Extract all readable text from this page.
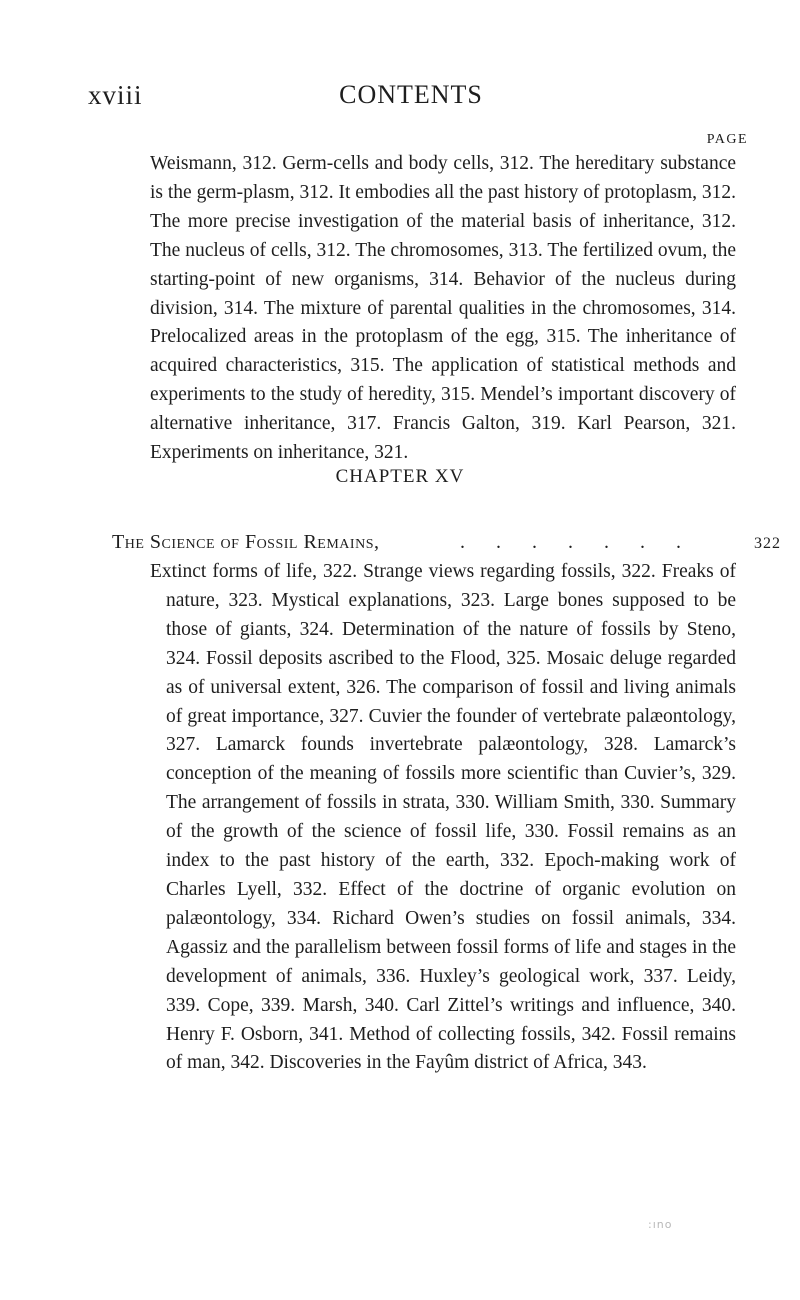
xviii	CONTENTS
PAGE

Weismann, 312. Germ-cells and body cells, 312. The hereditary substance is the germ-plasm, 312. It embodies all the past history of protoplasm, 312. The more precise investigation of the material basis of inheritance, 312. The nucleus of cells, 312. The chromosomes, 313. The fertilized ovum, the starting-point of new organisms, 314. Behavior of the nucleus during division, 314. The mixture of parental qualities in the chromosomes, 314. Prelocalized areas in the protoplasm of the egg, 315. The inheritance of acquired characteristics, 315. The application of statistical methods and experiments to the study of heredity, 315. Mendel’s important discovery of alternative inheritance, 317. Francis Galton, 319. Karl Pearson, 321. Experiments on inheritance, 321.

CHAPTER XV
The Science of Fossil Remains,	. . . . . . .	322

Extinct forms of life, 322. Strange views regarding fossils, 322. Freaks of nature, 323. Mystical explanations, 323. Large bones supposed to be those of giants, 324. Determination of the nature of fossils by Steno, 324. Fossil deposits ascribed to the Flood, 325. Mosaic deluge regarded as of universal extent, 326. The comparison of fossil and living animals of great importance, 327. Cuvier the founder of vertebrate palæontology, 327. Lamarck founds invertebrate palæontology, 328. Lamarck’s conception of the meaning of fossils more scientific than Cuvier’s, 329. The arrangement of fossils in strata, 330. William Smith, 330. Summary of the growth of the science of fossil life, 330. Fossil remains as an index to the past history of the earth, 332. Epoch-making work of Charles Lyell, 332. Effect of the doctrine of organic evolution on palæontology, 334. Richard Owen’s studies on fossil animals, 334. Agassiz and the parallelism between fossil forms of life and stages in the development of animals, 336. Huxley’s geological work, 337. Leidy, 339. Cope, 339. Marsh, 340. Carl Zittel’s writings and influence, 340. Henry F. Osborn, 341. Method of collecting fossils, 342. Fossil remains of man, 342. Discoveries in the Fayûm district of Africa, 343.

:ıno
